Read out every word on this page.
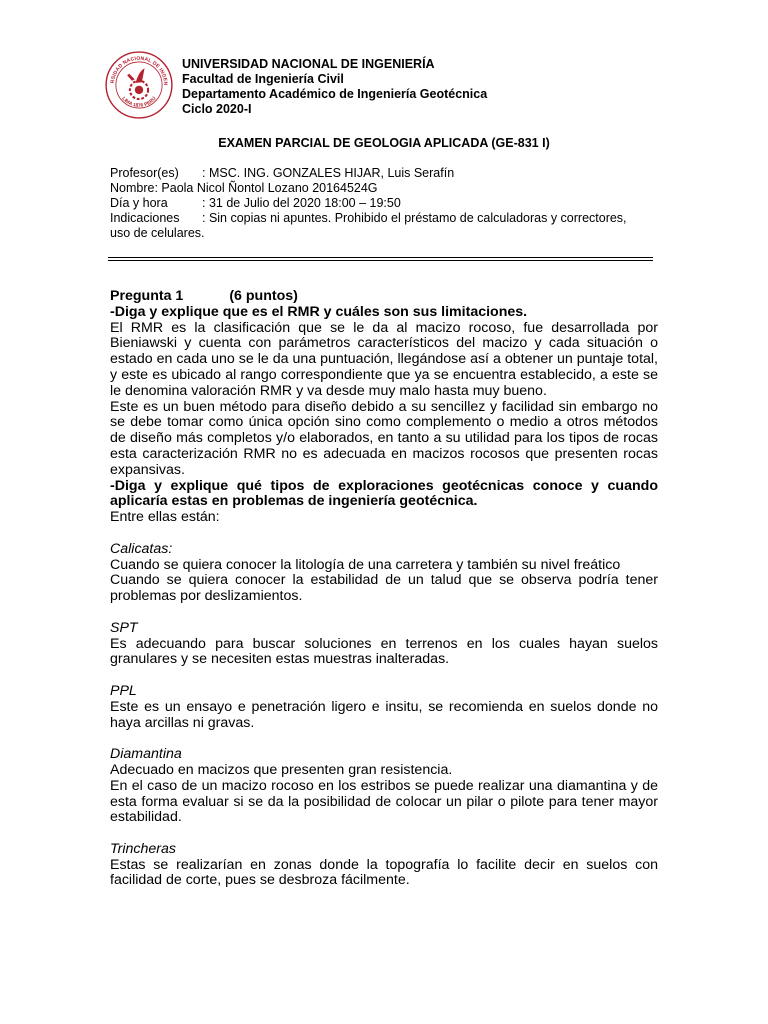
RSIDAD NACIONAL DE INGEN
LIMA 1876 PERÚ
UNIVERSIDAD NACIONAL DE INGENIERÍA
Facultad de Ingeniería Civil
Departamento Académico de Ingeniería Geotécnica
Ciclo 2020-I
EXAMEN PARCIAL DE GEOLOGIA APLICADA (GE-831 I)
Profesor(es) : MSC. ING. GONZALES HIJAR, Luis Serafín
Nombre: Paola Nicol Ñontol Lozano 20164524G
Día y hora	: 31 de Julio del 2020 18:00 – 19:50
Indicaciones : Sin copias ni apuntes. Prohibido el préstamo de calculadoras y correctores,
uso de celulares.

Pregunta 1	(6 puntos)

-Diga y explique que es el RMR y cuáles son sus limitaciones.

El RMR es la clasificación que se le da al macizo rocoso, fue desarrollada por Bieniawski y cuenta con parámetros característicos del macizo y cada situación o estado en cada uno se le da una puntuación, llegándose así a obtener un puntaje total, y este es ubicado al rango correspondiente que ya se encuentra establecido, a este se le denomina valoración RMR y va desde muy malo hasta muy bueno.

Este es un buen método para diseño debido a su sencillez y facilidad sin embargo no se debe tomar como única opción sino como complemento o medio a otros métodos de diseño más completos y/o elaborados, en tanto a su utilidad para los tipos de rocas esta caracterización RMR no es adecuada en macizos rocosos que presenten rocas expansivas.

-Diga y explique qué tipos de exploraciones geotécnicas conoce y cuando aplicaría estas en problemas de ingeniería geotécnica.

Entre ellas están:

Calicatas:

Cuando se quiera conocer la litología de una carretera y también su nivel freático

Cuando se quiera conocer la estabilidad de un talud que se observa podría tener problemas por deslizamientos.

SPT

Es adecuando para buscar soluciones en terrenos en los cuales hayan suelos granulares y se necesiten estas muestras inalteradas.

PPL

Este es un ensayo e penetración ligero e insitu, se recomienda en suelos donde no haya arcillas ni gravas.

Diamantina

Adecuado en macizos que presenten gran resistencia.

En el caso de un macizo rocoso en los estribos se puede realizar una diamantina y de esta forma evaluar si se da la posibilidad de colocar un pilar o pilote para tener mayor estabilidad.

Trincheras

Estas se realizarían en zonas donde la topografía lo facilite decir en suelos con facilidad de corte, pues se desbroza fácilmente.
